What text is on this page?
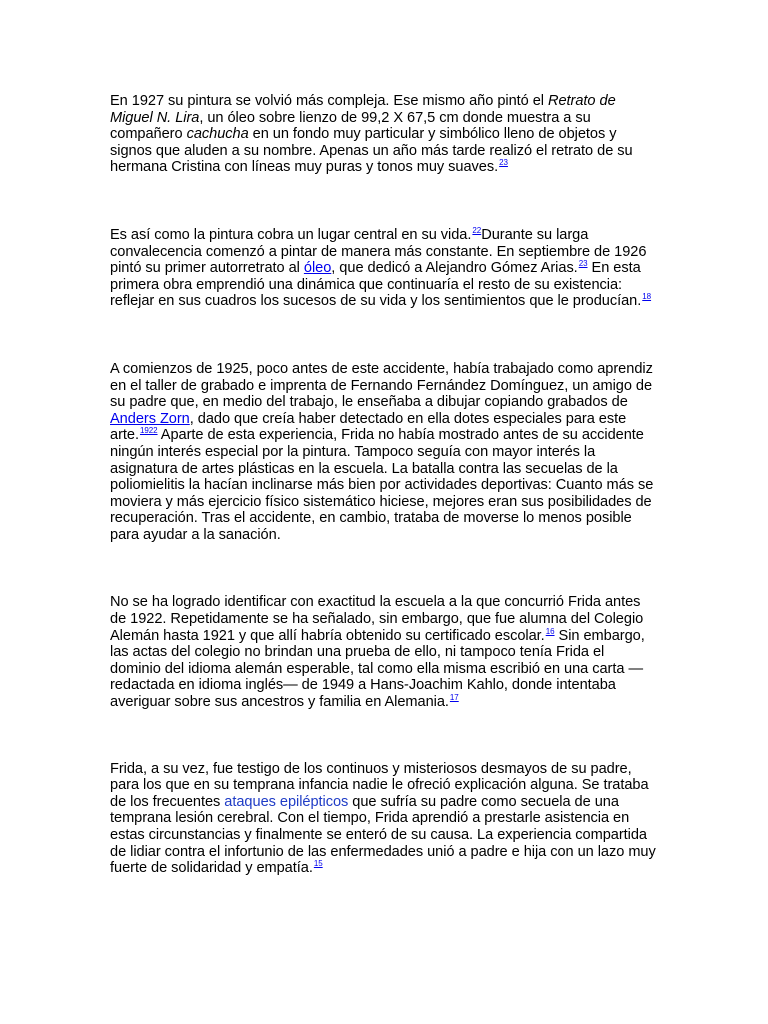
En 1927 su pintura se volvió más compleja. Ese mismo año pintó el Retrato de Miguel N. Lira, un óleo sobre lienzo de 99,2 X 67,5 cm donde muestra a su compañero cachucha en un fondo muy particular y simbólico lleno de objetos y signos que aluden a su nombre. Apenas un año más tarde realizó el retrato de su hermana Cristina con líneas muy puras y tonos muy suaves.$^{23}$

Es así como la pintura cobra un lugar central en su vida.$^{22}$Durante su larga convalecencia comenzó a pintar de manera más constante. En septiembre de 1926 pintó su primer autorretrato al óleo, que dedicó a Alejandro Gómez Arias.$^{23}$ En esta primera obra emprendió una dinámica que continuaría el resto de su existencia: reflejar en sus cuadros los sucesos de su vida y los sentimientos que le producían.$^{18}$

A comienzos de 1925, poco antes de este accidente, había trabajado como aprendiz en el taller de grabado e imprenta de Fernando Fernández Domínguez, un amigo de su padre que, en medio del trabajo, le enseñaba a dibujar copiando grabados de Anders Zorn, dado que creía haber detectado en ella dotes especiales para este arte.$^{1922}$ Aparte de esta experiencia, Frida no había mostrado antes de su accidente ningún interés especial por la pintura. Tampoco seguía con mayor interés la asignatura de artes plásticas en la escuela. La batalla contra las secuelas de la poliomielitis la hacían inclinarse más bien por actividades deportivas: Cuanto más se moviera y más ejercicio físico sistemático hiciese, mejores eran sus posibilidades de recuperación. Tras el accidente, en cambio, trataba de moverse lo menos posible para ayudar a la sanación.

No se ha logrado identificar con exactitud la escuela a la que concurrió Frida antes de 1922. Repetidamente se ha señalado, sin embargo, que fue alumna del Colegio Alemán hasta 1921 y que allí habría obtenido su certificado escolar.$^{16}$ Sin embargo, las actas del colegio no brindan una prueba de ello, ni tampoco tenía Frida el dominio del idioma alemán esperable, tal como ella misma escribió en una carta —redactada en idioma inglés— de 1949 a Hans-Joachim Kahlo, donde intentaba averiguar sobre sus ancestros y familia en Alemania.$^{17}$

Frida, a su vez, fue testigo de los continuos y misteriosos desmayos de su padre, para los que en su temprana infancia nadie le ofreció explicación alguna. Se trataba de los frecuentes ataques epilépticos que sufría su padre como secuela de una temprana lesión cerebral. Con el tiempo, Frida aprendió a prestarle asistencia en estas circunstancias y finalmente se enteró de su causa. La experiencia compartida de lidiar contra el infortunio de las enfermedades unió a padre e hija con un lazo muy fuerte de solidaridad y empatía.$^{15}$
